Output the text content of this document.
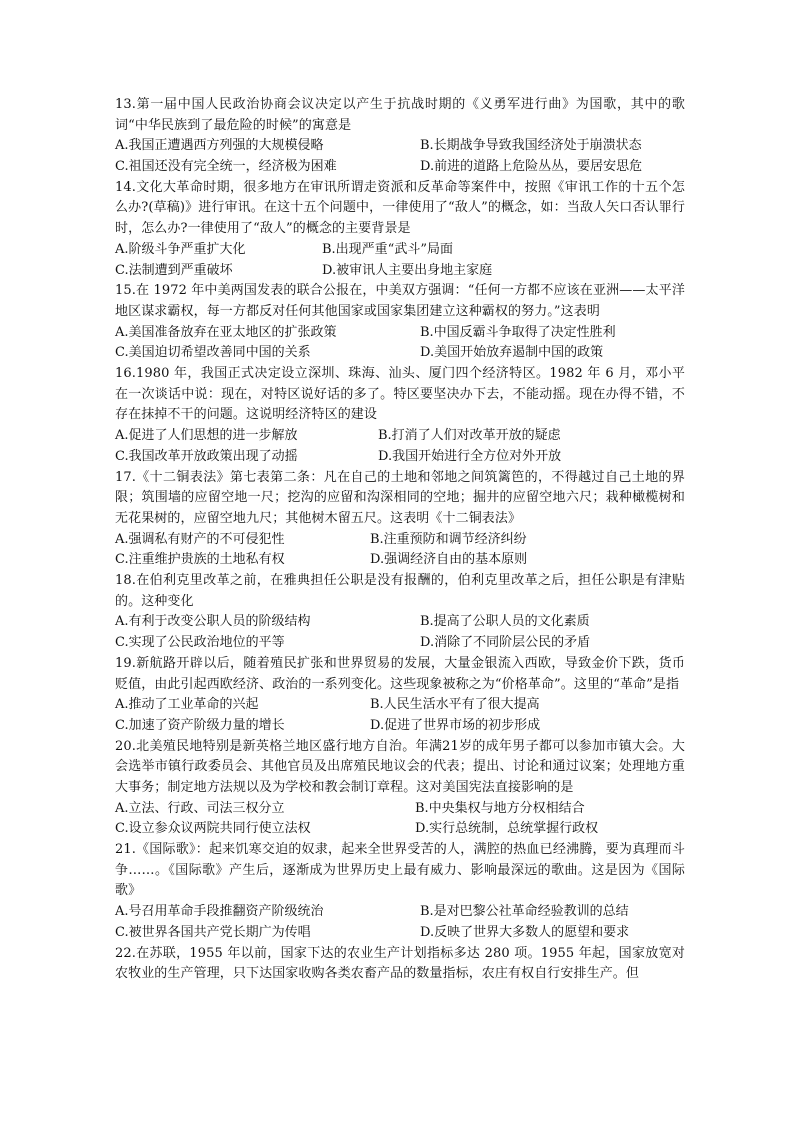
13.第一届中国人民政治协商会议决定以产生于抗战时期的《义勇军进行曲》为国歌，其中的歌词“中华民族到了最危险的时候”的寓意是

A.我国正遭遇西方列强的大规模侵略	B.长期战争导致我国经济处于崩溃状态
C.祖国还没有完全统一，经济极为困难	D.前进的道路上危险丛丛，要居安思危

14.文化大革命时期，很多地方在审讯所谓走资派和反革命等案件中，按照《审讯工作的十五个怎么办?(草稿)》进行审讯。在这十五个问题中，一律使用了“敌人”的概念，如：当敌人矢口否认罪行时，怎么办?一律使用了“敌人”的概念的主要背景是

A.阶级斗争严重扩大化	B.出现严重“武斗”局面
C.法制遭到严重破坏	D.被审讯人主要出身地主家庭

15.在 1972 年中美两国发表的联合公报在，中美双方强调：“任何一方都不应该在亚洲——太平洋地区谋求霸权，每一方都反对任何其他国家或国家集团建立这种霸权的努力。”这表明

A.美国准备放弃在亚太地区的扩张政策	B.中国反霸斗争取得了决定性胜利
C.美国迫切希望改善同中国的关系	D.美国开始放弃遏制中国的政策

16.1980 年，我国正式决定设立深圳、珠海、汕头、厦门四个经济特区。1982 年 6 月，邓小平在一次谈话中说：现在，对特区说好话的多了。特区要坚决办下去，不能动摇。现在办得不错，不存在抹掉不干的问题。这说明经济特区的建设

A.促进了人们思想的进一步解放	B.打消了人们对改革开放的疑虑
C.我国改革开放政策出现了动摇	D.我国开始进行全方位对外开放

17.《十二铜表法》第七表第二条：凡在自己的土地和邻地之间筑篱笆的，不得越过自己土地的界限；筑围墙的应留空地一尺；挖沟的应留和沟深相同的空地；掘井的应留空地六尺；栽种橄榄树和无花果树的，应留空地九尺；其他树木留五尺。这表明《十二铜表法》

A.强调私有财产的不可侵犯性	B.注重预防和调节经济纠纷
C.注重维护贵族的土地私有权	D.强调经济自由的基本原则

18.在伯利克里改革之前，在雅典担任公职是没有报酬的，伯利克里改革之后，担任公职是有津贴的。这种变化

A.有利于改变公职人员的阶级结构	B.提高了公职人员的文化素质
C.实现了公民政治地位的平等	D.消除了不同阶层公民的矛盾

19.新航路开辟以后，随着殖民扩张和世界贸易的发展，大量金银流入西欧，导致金价下跌，货币贬值，由此引起西欧经济、政治的一系列变化。这些现象被称之为“价格革命”。这里的“革命”是指

A.推动了工业革命的兴起	B.人民生活水平有了很大提高
C.加速了资产阶级力量的增长	D.促进了世界市场的初步形成

20.北美殖民地特别是新英格兰地区盛行地方自治。年满21岁的成年男子都可以参加市镇大会。大会选举市镇行政委员会、其他官员及出席殖民地议会的代表；提出、讨论和通过议案；处理地方重大事务；制定地方法规以及为学校和教会制订章程。这对美国宪法直接影响的是

A.立法、行政、司法三权分立	B.中央集权与地方分权相结合
C.设立参众议两院共同行使立法权	D.实行总统制，总统掌握行政权

21.《国际歌》：起来饥寒交迫的奴隶，起来全世界受苦的人，满腔的热血已经沸腾，要为真理而斗争……。《国际歌》产生后，逐渐成为世界历史上最有威力、影响最深远的歌曲。这是因为《国际歌》

A.号召用革命手段推翻资产阶级统治	B.是对巴黎公社革命经验教训的总结
C.被世界各国共产党长期广为传唱	D.反映了世界大多数人的愿望和要求

22.在苏联，1955 年以前，国家下达的农业生产计划指标多达 280 项。1955 年起，国家放宽对农牧业的生产管理，只下达国家收购各类农畜产品的数量指标，农庄有权自行安排生产。但
